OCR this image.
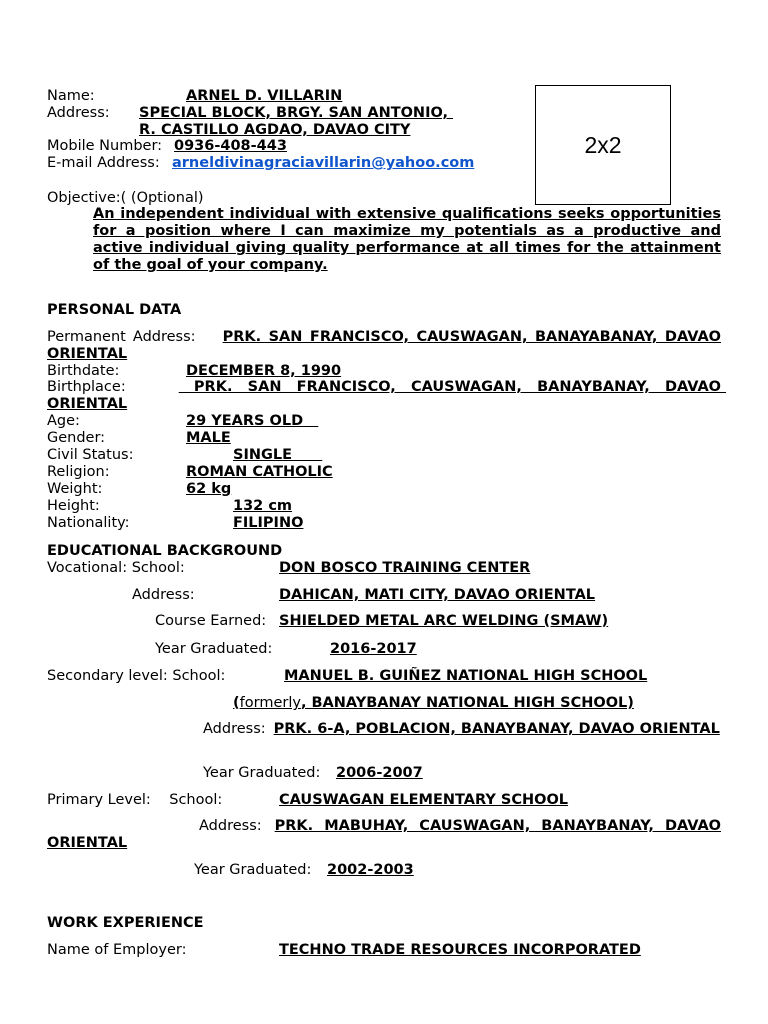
Name:	ARNEL D. VILLARIN
Address: SPECIAL BLOCK, BRGY. SAN ANTONIO,
R. CASTILLO AGDAO, DAVAO CITY
Mobile Number: 0936-408-443
E-mail Address: arneldivinagraciavillarin@yahoo.com
2x2
Objective:( (Optional)
An independent individual with extensive qualifications seeks opportunities for a position where I can maximize my potentials as a productive and active individual giving quality performance at all times for the attainment of the goal of your company.
PERSONAL DATA
Permanent Address: PRK. SAN FRANCISCO, CAUSWAGAN, BANAYABANAY, DAVAO ORIENTAL
Birthdate:	DECEMBER 8, 1990
Birthplace:	PRK. SAN FRANCISCO, CAUSWAGAN, BANAYBANAY, DAVAO ORIENTAL
Age:	29 YEARS OLD
Gender:	MALE
Civil Status:	SINGLE
Religion:	ROMAN CATHOLIC
Weight:	62 kg
Height:	132 cm
Nationality:	FILIPINO
EDUCATIONAL BACKGROUND
Vocational: School:	DON BOSCO TRAINING CENTER
Address:	DAHICAN, MATI CITY, DAVAO ORIENTAL
Course Earned: SHIELDED METAL ARC WELDING (SMAW)
Year Graduated:	2016-2017
Secondary level: School:	MANUEL B. GUIÑEZ NATIONAL HIGH SCHOOL
(formerly, BANAYBANAY NATIONAL HIGH SCHOOL)
Address: PRK. 6-A, POBLACION, BANAYBANAY, DAVAO ORIENTAL
Year Graduated: 2006-2007
Primary Level:    School:	CAUSWAGAN ELEMENTARY SCHOOL
Address: PRK. MABUHAY, CAUSWAGAN, BANAYBANAY, DAVAO ORIENTAL
Year Graduated: 2002-2003
WORK EXPERIENCE
Name of Employer:	TECHNO TRADE RESOURCES INCORPORATED
